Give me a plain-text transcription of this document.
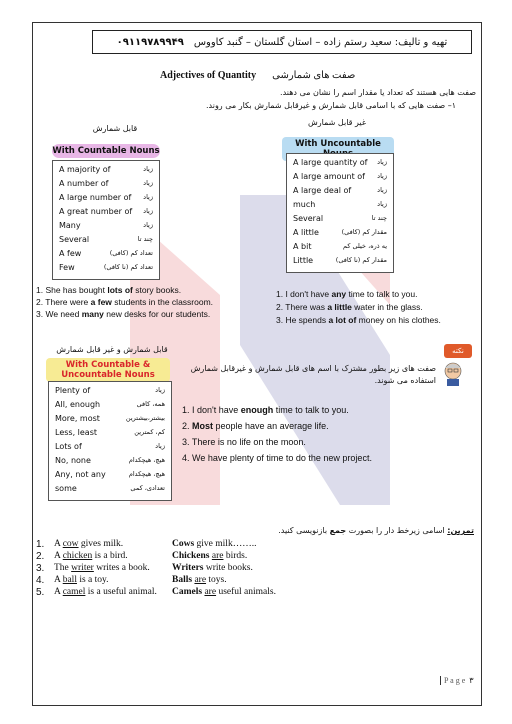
تهیه و تالیف: سعید رستم زاده – استان گلستان – گنبد کاووس
۰۹۱۱۹۷۸۹۹۴۹
Adjectives of Quantity صفت های شمارشی
صفت هایی هستند که تعداد یا مقدار اسم را نشان می دهند.
۱– صفت هایی که با اسامی قابل شمارش و غیرقابل شمارش بکار می روند.
قابل شمارش
With Countable Nouns
A majority of	زیاد
A number of	زیاد
A large number of زیاد
A great number of زیاد
Many	زیاد
Several	چند تا
A few	تعداد کم (کافی)
Few	تعداد کم (نا کافی)
غیر قابل شمارش
With Uncountable
A large quantity of زیاد
A large amount of زیاد
A large deal of	زیاد
much	زیاد
Several	چند تا
A little	مقدار کم (کافی)
A bit	یه ذره، خیلی کم
Little	مقدار کم (نا کافی)
1. She has bought lots of story books.
2. There were a few students in the classroom.
3. We need many new desks for our students.
1. I don't have any time to talk to you.
2. There was a little water in the glass.
3. He spends a lot of money on his clothes.
قابل شمارش و غیر قابل شمارش
With Countable &
Uncountable Nouns
Plenty of	زیاد
All, enough	همه، کافی
More, most	بیشتر،بیشترین
Less, least	کم، کمترین
Lots of	زیاد
No, none	هیچ، هیچکدام
Any, not any	هیچ، هیچکدام
some	تعدادی، کمی
نکته
صفت های زیر بطور مشترک با اسم های قابل شمارش و غیرقابل شمارش
استفاده می شوند.
1. I don't have enough time to talk to you.
2. Most people have an average life.
3. There is no life on the moon.
4. We have plenty of time to do the new project.
تمرین: اسامی زیرخط دار را بصورت جمع بازنویسی کنید.
1.	A cow gives milk.	Cows give milk……..
2.	A chicken is a bird.	Chickens are birds.
3.	The writer writes a book.	Writers write books.
4.	A ball is a toy.	Balls are toys.
5.	A camel is a useful animal.	Camels are useful animals.
P a g e ۳
